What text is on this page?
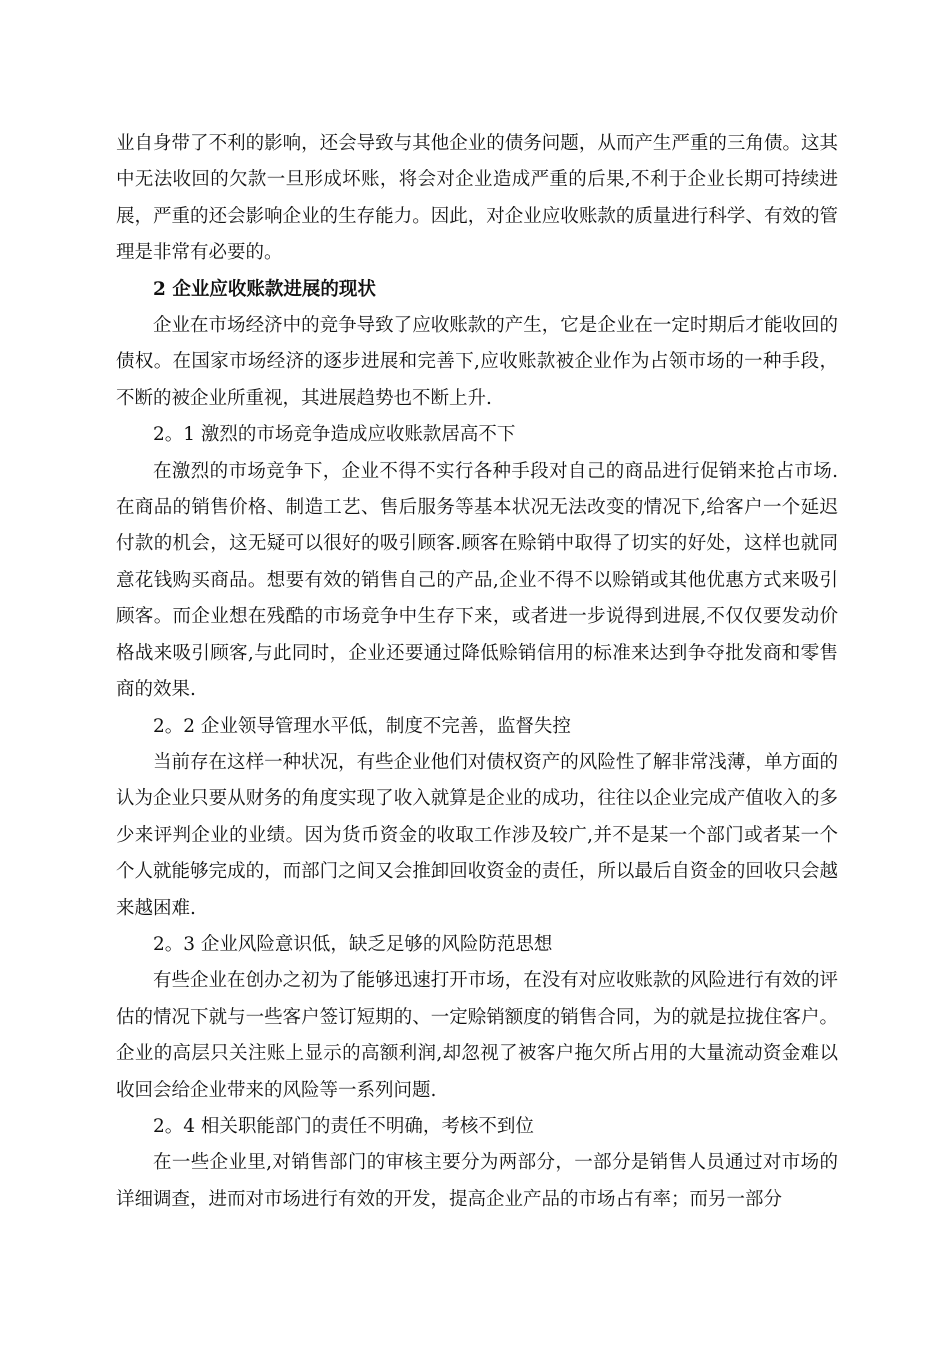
业自身带了不利的影响，还会导致与其他企业的债务问题，从而产生严重的三角债。这其中无法收回的欠款一旦形成坏账，将会对企业造成严重的后果,不利于企业长期可持续进展，严重的还会影响企业的生存能力。因此，对企业应收账款的质量进行科学、有效的管理是非常有必要的。

2 企业应收账款进展的现状

企业在市场经济中的竞争导致了应收账款的产生，它是企业在一定时期后才能收回的债权。在国家市场经济的逐步进展和完善下,应收账款被企业作为占领市场的一种手段，不断的被企业所重视，其进展趋势也不断上升.

2。1 激烈的市场竞争造成应收账款居高不下

在激烈的市场竞争下，企业不得不实行各种手段对自己的商品进行促销来抢占市场.在商品的销售价格、制造工艺、售后服务等基本状况无法改变的情况下,给客户一个延迟付款的机会，这无疑可以很好的吸引顾客.顾客在赊销中取得了切实的好处，这样也就同意花钱购买商品。想要有效的销售自己的产品,企业不得不以赊销或其他优惠方式来吸引顾客。而企业想在残酷的市场竞争中生存下来，或者进一步说得到进展,不仅仅要发动价格战来吸引顾客,与此同时，企业还要通过降低赊销信用的标准来达到争夺批发商和零售商的效果.

2。2 企业领导管理水平低，制度不完善，监督失控

当前存在这样一种状况，有些企业他们对债权资产的风险性了解非常浅薄，单方面的认为企业只要从财务的角度实现了收入就算是企业的成功，往往以企业完成产值收入的多少来评判企业的业绩。因为货币资金的收取工作涉及较广,并不是某一个部门或者某一个个人就能够完成的，而部门之间又会推卸回收资金的责任，所以最后自资金的回收只会越来越困难.

2。3 企业风险意识低，缺乏足够的风险防范思想

有些企业在创办之初为了能够迅速打开市场，在没有对应收账款的风险进行有效的评估的情况下就与一些客户签订短期的、一定赊销额度的销售合同，为的就是拉拢住客户。企业的高层只关注账上显示的高额利润,却忽视了被客户拖欠所占用的大量流动资金难以收回会给企业带来的风险等一系列问题.

2。4 相关职能部门的责任不明确，考核不到位

在一些企业里,对销售部门的审核主要分为两部分，一部分是销售人员通过对市场的详细调查，进而对市场进行有效的开发，提高企业产品的市场占有率；而另一部分
